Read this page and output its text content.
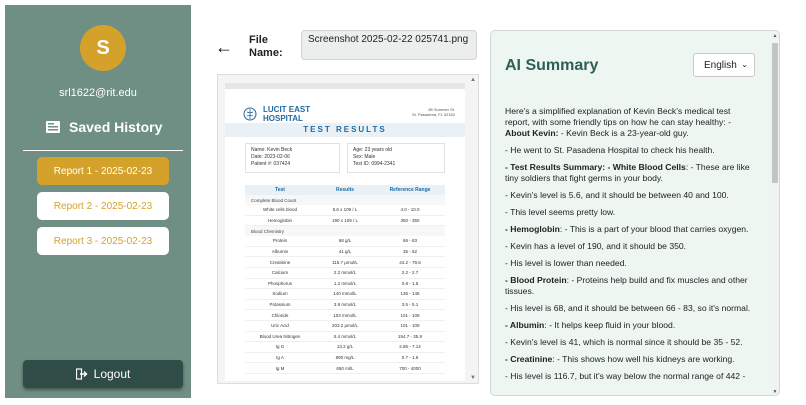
S
srl1622@rit.edu
Saved History
Report 1 - 2025-02-23
Report 2 - 2025-02-23
Report 3 - 2025-02-23
Logout
← File Name:
Screenshot 2025-02-22 025741.png
LUCIT EAST HOSPITAL
85 Summer St.
St. Pasadena, FL 32182
TEST RESULTS
Name: Kevin Beck
Date: 2023-02-06
Patient #: 037424
Age: 23 years old
Sex: Male
Test ID: 0994-2341
Test	Results	Reference Range
Complete Blood Count
White cells blood	5.6 x 109 / L	4.0 - 10.0
Hemoglobin	190 x 109 / L	350 - 350
Blood Chemistry
Protein	68 g/L	66 - 83
Albumin	41 g/L	35 - 52
Creatinine	116.7 μmol/L	44.2 - 79.6
Calcium	2.2 mmol/L	2.2 - 2.7
Phosphorus	1.2 mmol/L	0.8 - 1.5
Sodium	140 mmol/L	136 - 146
Potassium	3.9 mmol/L	3.5 - 5.1
Chloride	103 mmol/L	101 - 109
Uric Acid	203.2 μmol/L	101 - 109
Blood Urea Nitrogen	5.4 mmol/L	154.7 - 35.9
Ig G	13.2 g/L	2.86 - 7.14
Ig A	890 mg/L	0.7 - 1.6
Ig M	650 ml/L	700 - 4000
▲
▼
AI Summary	English ⌄

Here's a simplified explanation of Kevin Beck's medical test report, with some friendly tips on how he can stay healthy: -
About Kevin: - Kevin Beck is a 23-year-old guy.

- He went to St. Pasadena Hospital to check his health.

- Test Results Summary: - White Blood Cells: - These are like tiny soldiers that fight germs in your body.

- Kevin's level is 5.6, and it should be between 40 and 100.

- This level seems pretty low.

- Hemoglobin: - This is a part of your blood that carries oxygen.

- Kevin has a level of 190, and it should be 350.

- His level is lower than needed.

- Blood Protein: - Proteins help build and fix muscles and other tissues.

- His level is 68, and it should be between 66 - 83, so it's normal.

- Albumin: - It helps keep fluid in your blood.

- Kevin's level is 41, which is normal since it should be 35 - 52.

- Creatinine: - This shows how well his kidneys are working.

- His level is 116.7, but it's way below the normal range of 442 -

▲
▼
